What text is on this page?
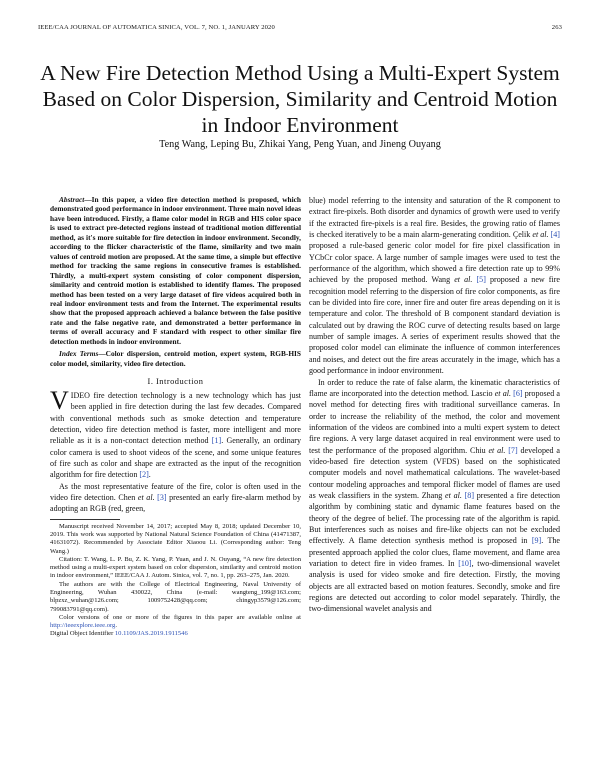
IEEE/CAA JOURNAL OF AUTOMATICA SINICA, VOL. 7, NO. 1, JANUARY 2020	263
A New Fire Detection Method Using a Multi-Expert System Based on Color Dispersion, Similarity and Centroid Motion in Indoor Environment
Teng Wang, Leping Bu, Zhikai Yang, Peng Yuan, and Jineng Ouyang

Abstract—In this paper, a video fire detection method is proposed, which demonstrated good performance in indoor environment. Three main novel ideas have been introduced. Firstly, a flame color model in RGB and HIS color space is used to extract pre-detected regions instead of traditional motion differential method, as it's more suitable for fire detection in indoor environment. Secondly, according to the flicker characteristic of the flame, similarity and two main values of centroid motion are proposed. At the same time, a simple but effective method for tracking the same regions in consecutive frames is established. Thirdly, a multi-expert system consisting of color component dispersion, similarity and centroid motion is established to identify flames. The proposed method has been tested on a very large dataset of fire videos acquired both in real indoor environment tests and from the Internet. The experimental results show that the proposed approach achieved a balance between the false positive rate and the false negative rate, and demonstrated a better performance in terms of overall accuracy and F standard with respect to other similar fire detection methods in indoor environment.

Index Terms—Color dispersion, centroid motion, expert system, RGB-HIS color model, similarity, video fire detection.

I. Introduction

VIDEO fire detection technology is a new technology which has just been applied in fire detection during the last few decades. Compared with conventional methods such as smoke detection and temperature detection, video fire detection method is faster, more intelligent and more reliable as it is a non-contact detection method [1]. Generally, an ordinary color camera is used to shoot videos of the scene, and some unique features of fire such as color and shape are extracted as the input of the recognition algorithm for fire detection [2].

As the most representative feature of the fire, color is often used in the video fire detection. Chen et al. [3] presented an early fire-alarm method by adopting an RGB (red, green,

Manuscript received November 14, 2017; accepted May 8, 2018; updated December 10, 2019. This work was supported by National Natural Science Foundation of China (41471387, 41631072). Recommended by Associate Editor Xiaoou Li. (Corresponding author: Teng Wang.)

Citation: T. Wang, L. P. Bu, Z. K. Yang, P. Yuan, and J. N. Ouyang, “A new fire detection method using a multi-expert system based on color dispersion, similarity and centroid motion in indoor environment,” IEEE/CAA J. Autom. Sinica, vol. 7, no. 1, pp. 263–275, Jan. 2020.

The authors are with the College of Electrical Engineering, Naval University of Engineering, Wuhan 430022, China (e-mail: wangteng_199@163.com; blpzxz_wuhan@126.com; 1009752428@qq.com; chingyp3579@126.com; 799083791@qq.com).

Color versions of one or more of the figures in this paper are available online at http://ieeexplore.ieee.org.

Digital Object Identifier 10.1109/JAS.2019.1911546

blue) model referring to the intensity and saturation of the R component to extract fire-pixels. Both disorder and dynamics of growth were used to verify if the extracted fire-pixels is a real fire. Besides, the growing ratio of flames is checked iteratively to be a main alarm-generating condition. Çelik et al. [4] proposed a rule-based generic color model for fire pixel classification in YCbCr color space. A large number of sample images were used to test the performance of the algorithm, which showed a fire detection rate up to 99% achieved by the proposed method. Wang et al. [5] proposed a new fire recognition model referring to the dispersion of fire color components, as fire can be divided into fire core, inner fire and outer fire areas depending on it is temperature and color. The threshold of B component standard deviation is calculated out by drawing the ROC curve of detecting results based on large number of sample images. A series of experiment results showed that the proposed color model can eliminate the influence of common interferences and noises, and detect out the fire areas accurately in the image, which has a good performance in indoor environment.

In order to reduce the rate of false alarm, the kinematic characteristics of flame are incorporated into the detection method. Lascio et al. [6] proposed a novel method for detecting fires with traditional surveillance cameras. In order to increase the reliability of the method, the color and movement information of the videos are combined into a multi expert system to detect fire regions. A very large dataset acquired in real environment were used to test the performance of the proposed algorithm. Chiu et al. [7] developed a video-based fire detection system (VFDS) based on the sophisticated computer models and novel mathematical calculations. The wavelet-based contour modeling approaches and temporal flicker model of flames are used as weak classifiers in the system. Zhang et al. [8] presented a fire detection algorithm by combining static and dynamic flame features based on the theory of the degree of belief. The processing rate of the algorithm is rapid. But interferences such as noises and fire-like objects can not be excluded effectively. A flame detection synthesis method is proposed in [9]. The presented approach applied the color clues, flame movement, and flame area variation to detect fire in video frames. In [10], two-dimensional wavelet analysis is used for video smoke and fire detection. Firstly, the moving objects are all extracted based on motion features. Secondly, smoke and fire regions are detected out according to color model separately. Thirdly, the two-dimensional wavelet analysis and
